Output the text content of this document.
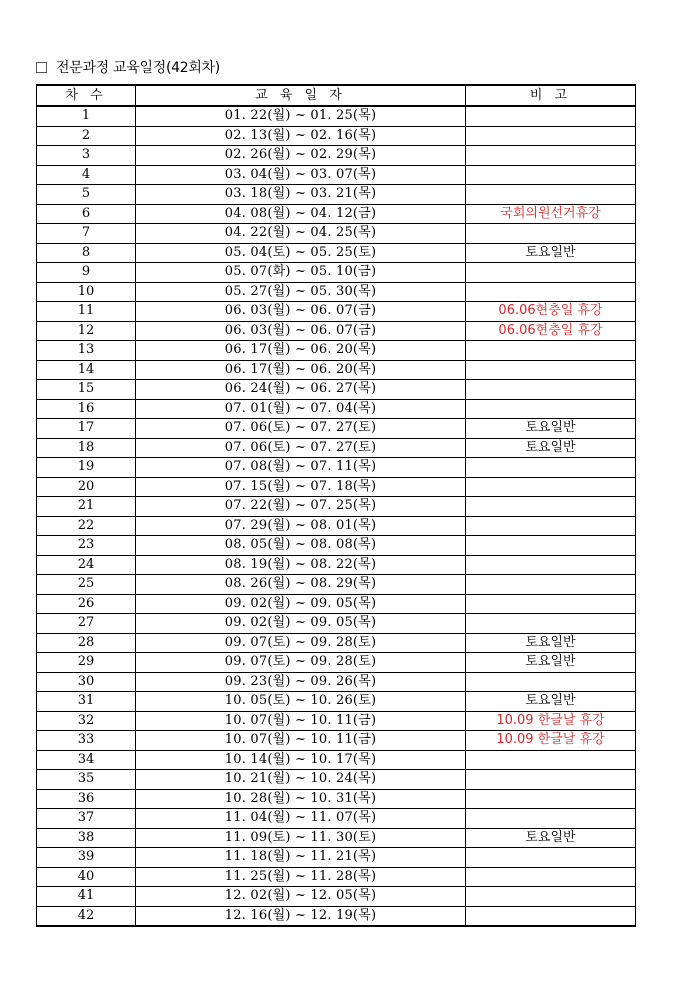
전문과정 교육일정(42회차)
차 수	교 육 일 자	비 고
1	01. 22(월) ~ 01. 25(목)	
2	02. 13(월) ~ 02. 16(목)	
3	02. 26(월) ~ 02. 29(목)	
4	03. 04(월) ~ 03. 07(목)	
5	03. 18(월) ~ 03. 21(목)	
6	04. 08(월) ~ 04. 12(금)	국회의원선거휴강
7	04. 22(월) ~ 04. 25(목)	
8	05. 04(토) ~ 05. 25(토)	토요일반
9	05. 07(화) ~ 05. 10(금)	
10	05. 27(월) ~ 05. 30(목)	
11	06. 03(월) ~ 06. 07(금)	06.06현충일 휴강
12	06. 03(월) ~ 06. 07(금)	06.06현충일 휴강
13	06. 17(월) ~ 06. 20(목)	
14	06. 17(월) ~ 06. 20(목)	
15	06. 24(월) ~ 06. 27(목)	
16	07. 01(월) ~ 07. 04(목)	
17	07. 06(토) ~ 07. 27(토)	토요일반
18	07. 06(토) ~ 07. 27(토)	토요일반
19	07. 08(월) ~ 07. 11(목)	
20	07. 15(월) ~ 07. 18(목)	
21	07. 22(월) ~ 07. 25(목)	
22	07. 29(월) ~ 08. 01(목)	
23	08. 05(월) ~ 08. 08(목)	
24	08. 19(월) ~ 08. 22(목)	
25	08. 26(월) ~ 08. 29(목)	
26	09. 02(월) ~ 09. 05(목)	
27	09. 02(월) ~ 09. 05(목)	
28	09. 07(토) ~ 09. 28(토)	토요일반
29	09. 07(토) ~ 09. 28(토)	토요일반
30	09. 23(월) ~ 09. 26(목)	
31	10. 05(토) ~ 10. 26(토)	토요일반
32	10. 07(월) ~ 10. 11(금)	10.09 한글날 휴강
33	10. 07(월) ~ 10. 11(금)	10.09 한글날 휴강
34	10. 14(월) ~ 10. 17(목)	
35	10. 21(월) ~ 10. 24(목)	
36	10. 28(월) ~ 10. 31(목)	
37	11. 04(월) ~ 11. 07(목)	
38	11. 09(토) ~ 11. 30(토)	토요일반
39	11. 18(월) ~ 11. 21(목)	
40	11. 25(월) ~ 11. 28(목)	
41	12. 02(월) ~ 12. 05(목)	
42	12. 16(월) ~ 12. 19(목)	
